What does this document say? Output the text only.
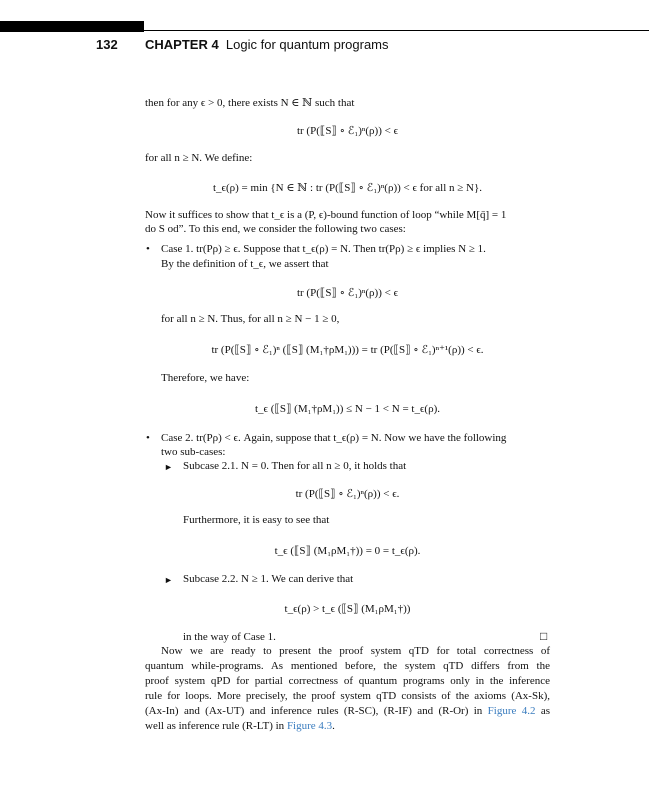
132 CHAPTER 4 Logic for quantum programs
then for any ϵ > 0, there exists N ∈ ℕ such that
tr (P(⟦S⟧ ∘ ℰ₁)ⁿ(ρ)) < ϵ
for all n ≥ N. We define:
t_ϵ(ρ) = min {N ∈ ℕ : tr (P(⟦S⟧ ∘ ℰ₁)ⁿ(ρ)) < ϵ for all n ≥ N}.
Now it suffices to show that t_ϵ is a (P, ϵ)-bound function of loop “while M[q̄] = 1
do S od”. To this end, we consider the following two cases:
• Case 1. tr(Pρ) ≥ ϵ. Suppose that t_ϵ(ρ) = N. Then tr(Pρ) ≥ ϵ implies N ≥ 1.
By the definition of t_ϵ, we assert that
tr (P(⟦S⟧ ∘ ℰ₁)ⁿ(ρ)) < ϵ
for all n ≥ N. Thus, for all n ≥ N − 1 ≥ 0,
tr (P(⟦S⟧ ∘ ℰ₁)ⁿ (⟦S⟧ (M₁†ρM₁))) = tr (P(⟦S⟧ ∘ ℰ₁)ⁿ⁺¹(ρ)) < ϵ.
Therefore, we have:
t_ϵ (⟦S⟧ (M₁†ρM₁)) ≤ N − 1 < N = t_ϵ(ρ).
• Case 2. tr(Pρ) < ϵ. Again, suppose that t_ϵ(ρ) = N. Now we have the following
two sub-cases:
► Subcase 2.1. N = 0. Then for all n ≥ 0, it holds that
tr (P(⟦S⟧ ∘ ℰ₁)ⁿ(ρ)) < ϵ.
Furthermore, it is easy to see that
t_ϵ (⟦S⟧ (M₁ρM₁†)) = 0 = t_ϵ(ρ).
► Subcase 2.2. N ≥ 1. We can derive that
t_ϵ(ρ) > t_ϵ (⟦S⟧ (M₁ρM₁†))
in the way of Case 1.	□
Now we are ready to present the proof system qTD for total correctness of
quantum while-programs. As mentioned before, the system qTD differs from the
proof system qPD for partial correctness of quantum programs only in the inference
rule for loops. More precisely, the proof system qTD consists of the axioms (Ax-Sk),
(Ax-In) and (Ax-UT) and inference rules (R-SC), (R-IF) and (R-Or) in Figure 4.2 as
well as inference rule (R-LT) in Figure 4.3.
